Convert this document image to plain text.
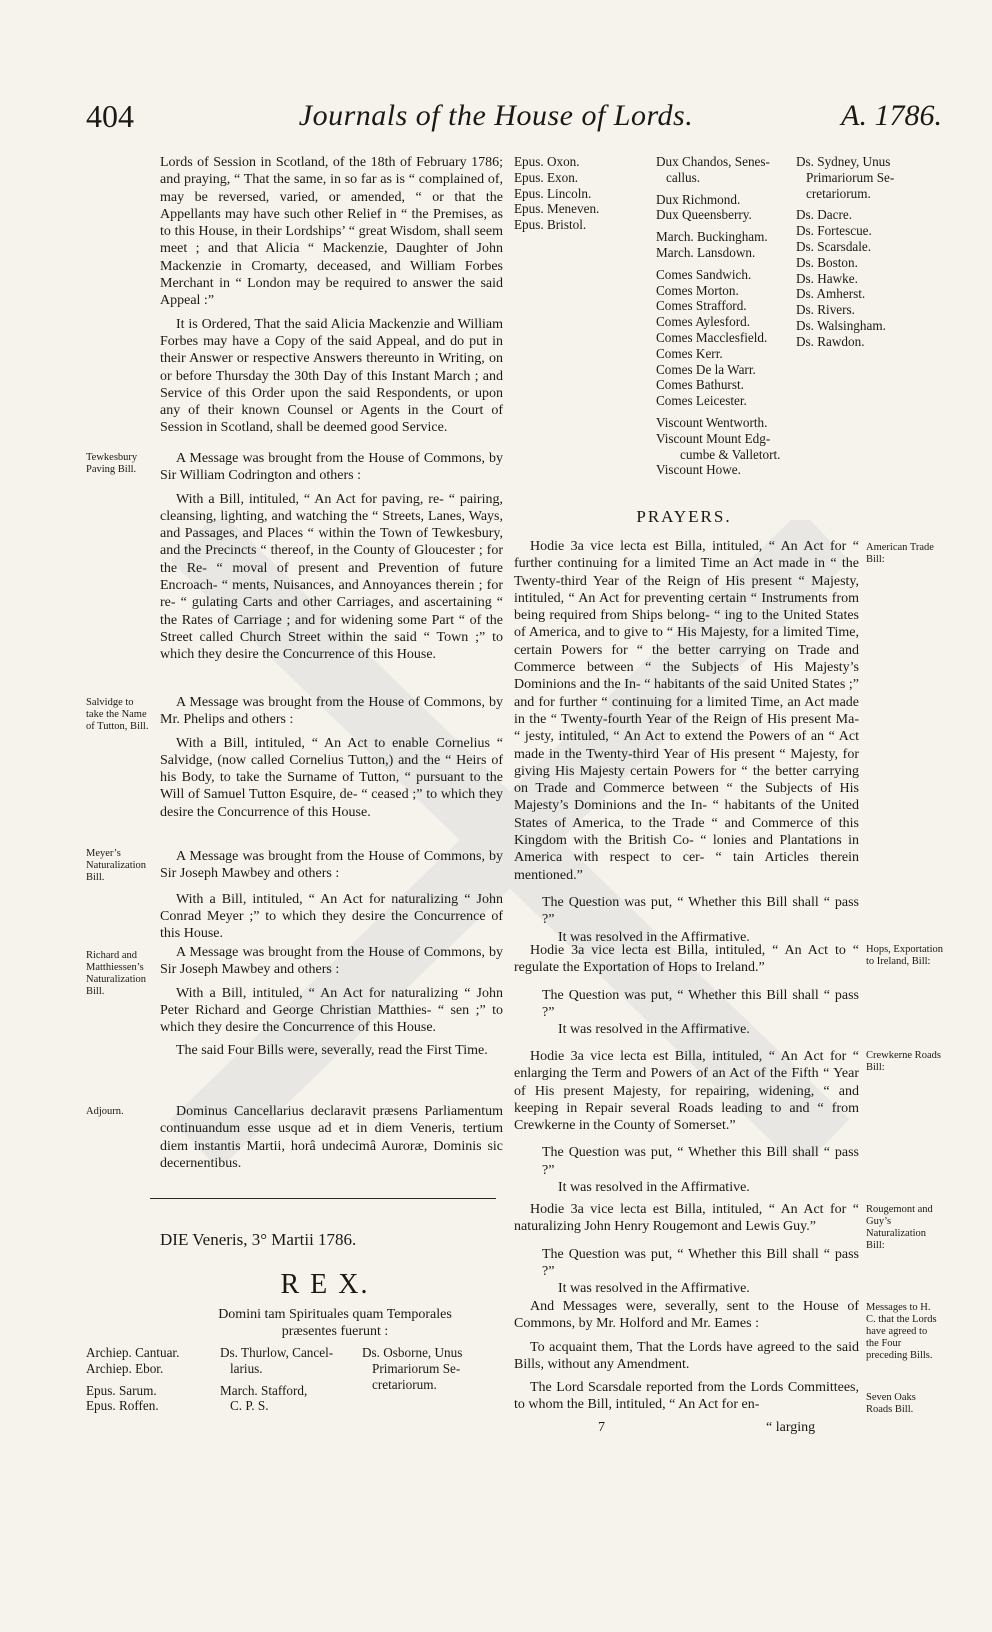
404	Journals of the House of Lords.	A. 1786.

Lords of Session in Scotland, of the 18th of February 1786; and praying, “ That the same, in so far as is “ complained of, may be reversed, varied, or amended, “ or that the Appellants may have such other Relief in “ the Premises, as to this House, in their Lordships’ “ great Wisdom, shall seem meet ; and that Alicia “ Mackenzie, Daughter of John Mackenzie in Cromarty, deceased, and William Forbes Merchant in “ London may be required to answer the said Appeal :”

It is Ordered, That the said Alicia Mackenzie and William Forbes may have a Copy of the said Appeal, and do put in their Answer or respective Answers thereunto in Writing, on or before Thursday the 30th Day of this Instant March ; and Service of this Order upon the said Respondents, or upon any of their known Counsel or Agents in the Court of Session in Scotland, shall be deemed good Service.

Tewkesbury Paving Bill.

A Message was brought from the House of Commons, by Sir William Codrington and others :

With a Bill, intituled, “ An Act for paving, re- “ pairing, cleansing, lighting, and watching the “ Streets, Lanes, Ways, and Passages, and Places “ within the Town of Tewkesbury, and the Precincts “ thereof, in the County of Gloucester ; for the Re- “ moval of present and Prevention of future Encroach- “ ments, Nuisances, and Annoyances therein ; for re- “ gulating Carts and other Carriages, and ascertaining “ the Rates of Carriage ; and for widening some Part “ of the Street called Church Street within the said “ Town ;” to which they desire the Concurrence of this House.

Salvidge to take the Name of Tutton, Bill.

A Message was brought from the House of Commons, by Mr. Phelips and others :

With a Bill, intituled, “ An Act to enable Cornelius “ Salvidge, (now called Cornelius Tutton,) and the “ Heirs of his Body, to take the Surname of Tutton, “ pursuant to the Will of Samuel Tutton Esquire, de- “ ceased ;” to which they desire the Concurrence of this House.

Meyer’s Naturalization Bill.

A Message was brought from the House of Commons, by Sir Joseph Mawbey and others :

With a Bill, intituled, “ An Act for naturalizing “ John Conrad Meyer ;” to which they desire the Concurrence of this House.

Richard and Matthiessen’s Naturalization Bill.

A Message was brought from the House of Commons, by Sir Joseph Mawbey and others :

With a Bill, intituled, “ An Act for naturalizing “ John Peter Richard and George Christian Matthies- “ sen ;” to which they desire the Concurrence of this House.

The said Four Bills were, severally, read the First Time.

Adjourn.	Dominus Cancellarius declaravit præsens Parliamentum continuandum esse usque ad et in diem Veneris, tertium diem instantis Martii, horâ undecimâ Auroræ, Dominis sic decernentibus.

DIE Veneris, 3° Martii 1786.
R E X.
Domini tam Spirituales quam Temporales præsentes fuerunt :
Archiep. Cantuar.
Archiep. Ebor.
Epus. Sarum.
Epus. Roffen.
Ds. Thurlow, Cancel-
larius.
March. Stafford,
C. P. S.
Ds. Osborne, Unus
Primariorum Se-
cretariorum.
Epus. Oxon.
Epus. Exon.
Epus. Lincoln.
Epus. Meneven.
Epus. Bristol.
Dux Chandos, Senes-
callus.
Dux Richmond.
Dux Queensberry.
March. Buckingham.
March. Lansdown.
Comes Sandwich.
Comes Morton.
Comes Strafford.
Comes Aylesford.
Comes Macclesfield.
Comes Kerr.
Comes De la Warr.
Comes Bathurst.
Comes Leicester.
Viscount Wentworth.
Viscount Mount Edg-
cumbe & Valletort.
Viscount Howe.
Ds. Sydney, Unus
Primariorum Se-
cretariorum.
Ds. Dacre.
Ds. Fortescue.
Ds. Scarsdale.
Ds. Boston.
Ds. Hawke.
Ds. Amherst.
Ds. Rivers.
Ds. Walsingham.
Ds. Rawdon.
PRAYERS.
American Trade Bill:

Hodie 3a vice lecta est Billa, intituled, “ An Act for “ further continuing for a limited Time an Act made in “ the Twenty-third Year of the Reign of His present “ Majesty, intituled, “ An Act for preventing certain “ Instruments from being required from Ships belong- “ ing to the United States of America, and to give to “ His Majesty, for a limited Time, certain Powers for “ the better carrying on Trade and Commerce between “ the Subjects of His Majesty’s Dominions and the In- “ habitants of the said United States ;” and for further “ continuing for a limited Time, an Act made in the “ Twenty-fourth Year of the Reign of His present Ma- “ jesty, intituled, “ An Act to extend the Powers of an “ Act made in the Twenty-third Year of His present “ Majesty, for giving His Majesty certain Powers for “ the better carrying on Trade and Commerce between “ the Subjects of His Majesty’s Dominions and the In- “ habitants of the United States of America, to the Trade “ and Commerce of this Kingdom with the British Co- “ lonies and Plantations in America with respect to cer- “ tain Articles therein mentioned.”

The Question was put, “ Whether this Bill shall “ pass ?”

It was resolved in the Affirmative.
Hops, Exportation to Ireland, Bill:

Hodie 3a vice lecta est Billa, intituled, “ An Act to “ regulate the Exportation of Hops to Ireland.”

The Question was put, “ Whether this Bill shall “ pass ?”

It was resolved in the Affirmative.
Crewkerne Roads Bill:

Hodie 3a vice lecta est Billa, intituled, “ An Act for “ enlarging the Term and Powers of an Act of the Fifth “ Year of His present Majesty, for repairing, widening, “ and keeping in Repair several Roads leading to and “ from Crewkerne in the County of Somerset.”

The Question was put, “ Whether this Bill shall “ pass ?”

It was resolved in the Affirmative.
Rougemont and Guy’s Naturalization Bill:

Hodie 3a vice lecta est Billa, intituled, “ An Act for “ naturalizing John Henry Rougemont and Lewis Guy.”

The Question was put, “ Whether this Bill shall “ pass ?”

It was resolved in the Affirmative.
Messages to H. C. that the Lords have agreed to the Four preceding Bills.
Seven Oaks Roads Bill.

And Messages were, severally, sent to the House of Commons, by Mr. Holford and Mr. Eames :

To acquaint them, That the Lords have agreed to the said Bills, without any Amendment.

The Lord Scarsdale reported from the Lords Committees, to whom the Bill, intituled, “ An Act for en-

7	“ larging
